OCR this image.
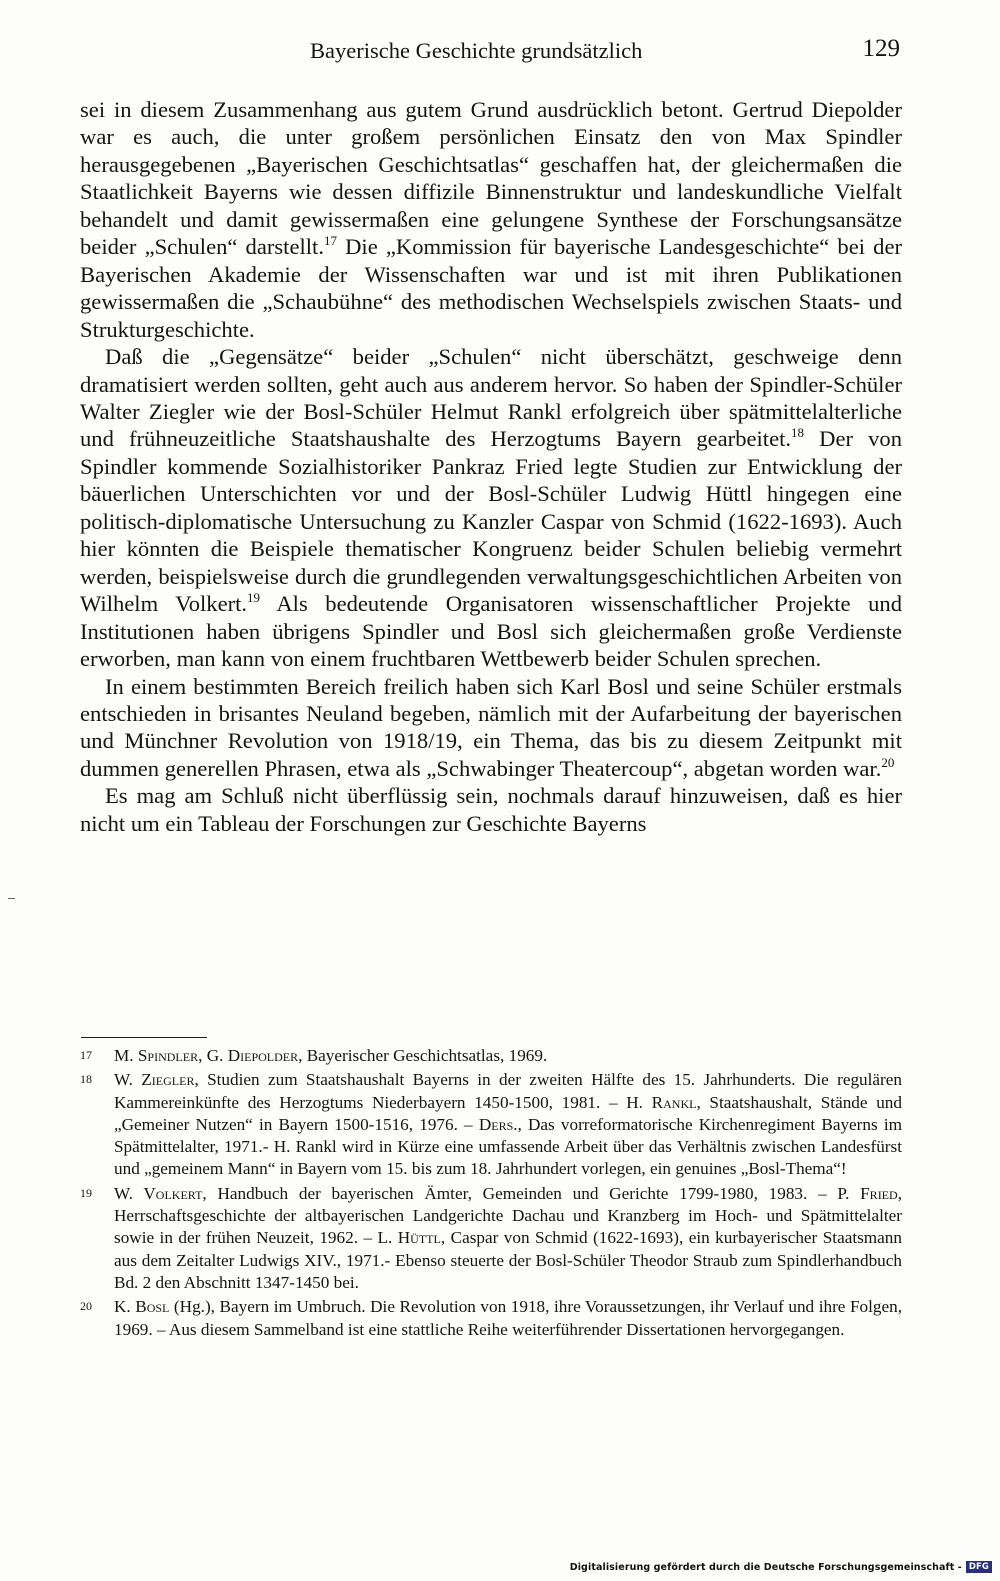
Bayerische Geschichte grundsätzlich	129

sei in diesem Zusammenhang aus gutem Grund ausdrücklich betont. Gertrud Diepolder war es auch, die unter großem persönlichen Einsatz den von Max Spindler herausgegebenen „Bayerischen Geschichtsatlas“ geschaffen hat, der gleichermaßen die Staatlichkeit Bayerns wie dessen diffizile Binnenstruktur und landeskundliche Vielfalt behandelt und damit gewissermaßen eine gelungene Synthese der Forschungsansätze beider „Schulen“ darstellt.$^{17}$ Die „Kommission für bayerische Landesgeschichte“ bei der Bayerischen Akademie der Wissenschaften war und ist mit ihren Publikationen gewissermaßen die „Schaubühne“ des methodischen Wechselspiels zwischen Staats- und Strukturgeschichte.

Daß die „Gegensätze“ beider „Schulen“ nicht überschätzt, geschweige denn dramatisiert werden sollten, geht auch aus anderem hervor. So haben der Spindler-Schüler Walter Ziegler wie der Bosl-Schüler Helmut Rankl erfolgreich über spätmittelalterliche und frühneuzeitliche Staatshaushalte des Herzogtums Bayern gearbeitet.$^{18}$ Der von Spindler kommende Sozialhistoriker Pankraz Fried legte Studien zur Entwicklung der bäuerlichen Unterschichten vor und der Bosl-Schüler Ludwig Hüttl hingegen eine politisch-diplomatische Untersuchung zu Kanzler Caspar von Schmid (1622-1693). Auch hier könnten die Beispiele thematischer Kongruenz beider Schulen beliebig vermehrt werden, beispielsweise durch die grundlegenden verwaltungsgeschichtlichen Arbeiten von Wilhelm Volkert.$^{19}$ Als bedeutende Organisatoren wissenschaftlicher Projekte und Institutionen haben übrigens Spindler und Bosl sich gleichermaßen große Verdienste erworben, man kann von einem fruchtbaren Wettbewerb beider Schulen sprechen.

In einem bestimmten Bereich freilich haben sich Karl Bosl und seine Schüler erstmals entschieden in brisantes Neuland begeben, nämlich mit der Aufarbeitung der bayerischen und Münchner Revolution von 1918/19, ein Thema, das bis zu diesem Zeitpunkt mit dummen generellen Phrasen, etwa als „Schwabinger Theatercoup“, abgetan worden war.$^{20}$

Es mag am Schluß nicht überflüssig sein, nochmals darauf hinzuweisen, daß es hier nicht um ein Tableau der Forschungen zur Geschichte Bayerns

17 M. Spindler, G. Diepolder, Bayerischer Geschichtsatlas, 1969.
18 W. Ziegler, Studien zum Staatshaushalt Bayerns in der zweiten Hälfte des 15. Jahrhunderts. Die regulären Kammereinkünfte des Herzogtums Niederbayern 1450-1500, 1981. – H. Rankl, Staatshaushalt, Stände und „Gemeiner Nutzen“ in Bayern 1500-1516, 1976. – Ders., Das vorreformatorische Kirchenregiment Bayerns im Spätmittelalter, 1971.- H. Rankl wird in Kürze eine umfassende Arbeit über das Verhältnis zwischen Landesfürst und „gemeinem Mann“ in Bayern vom 15. bis zum 18. Jahrhundert vorlegen, ein genuines „Bosl-Thema“!
19 W. Volkert, Handbuch der bayerischen Ämter, Gemeinden und Gerichte 1799-1980, 1983. – P. Fried, Herrschaftsgeschichte der altbayerischen Landgerichte Dachau und Kranzberg im Hoch- und Spätmittelalter sowie in der frühen Neuzeit, 1962. – L. Hüttl, Caspar von Schmid (1622-1693), ein kurbayerischer Staatsmann aus dem Zeitalter Ludwigs XIV., 1971.- Ebenso steuerte der Bosl-Schüler Theodor Straub zum Spindlerhandbuch Bd. 2 den Abschnitt 1347-1450 bei.
20 K. Bosl (Hg.), Bayern im Umbruch. Die Revolution von 1918, ihre Voraussetzungen, ihr Verlauf und ihre Folgen, 1969. – Aus diesem Sammelband ist eine stattliche Reihe weiterführender Dissertationen hervorgegangen.
Digitalisierung gefördert durch die Deutsche Forschungsgemeinschaft - DFG
